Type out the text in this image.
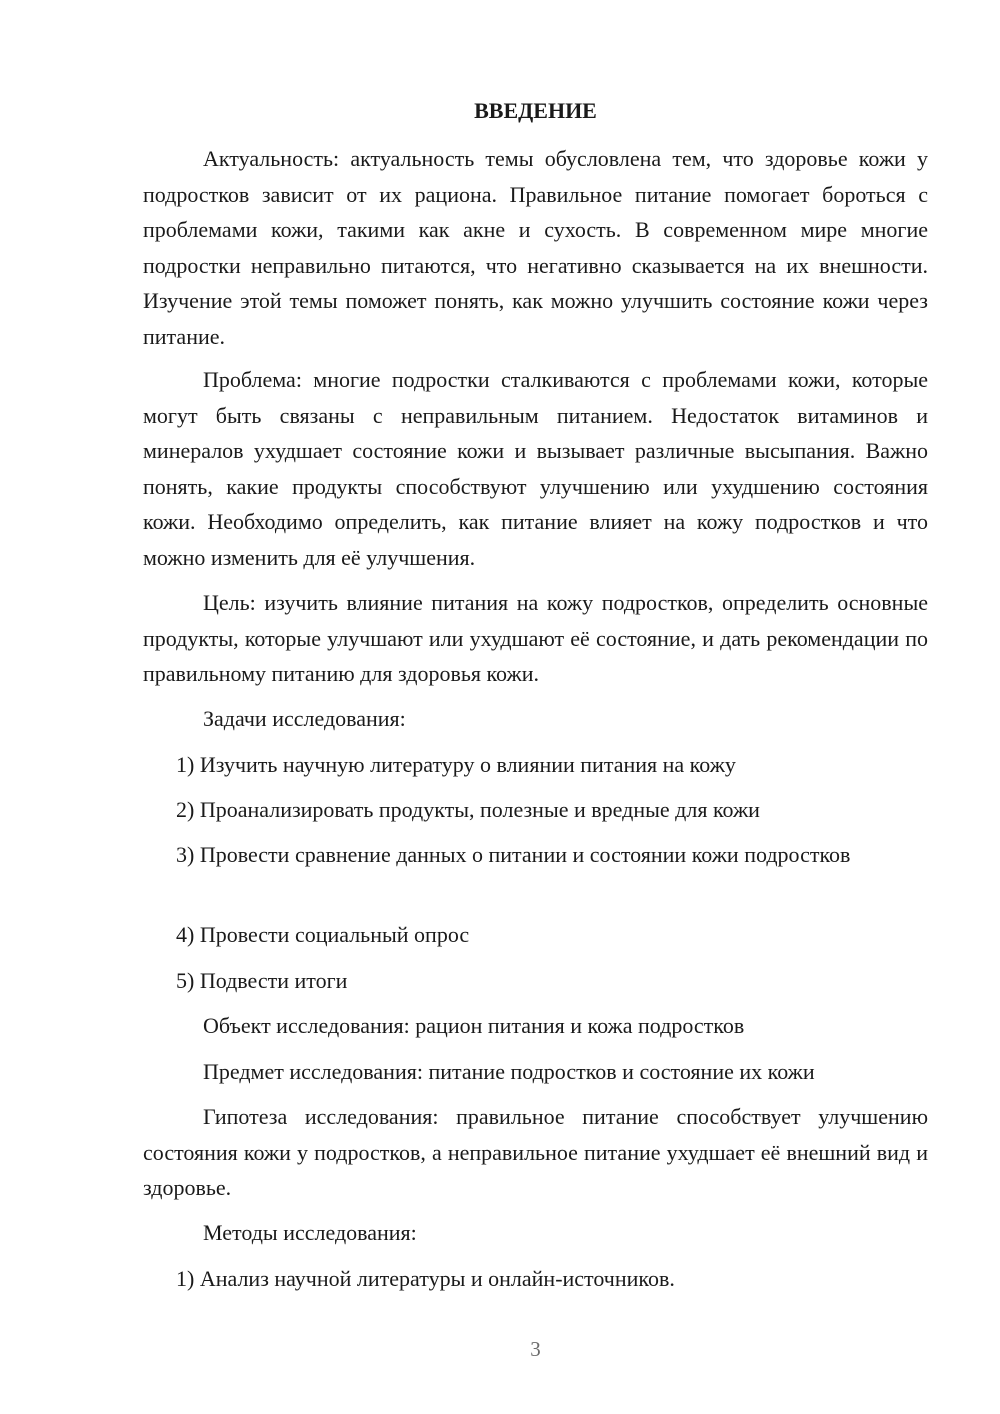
ВВЕДЕНИЕ

Актуальность: актуальность темы обусловлена тем, что здоровье кожи у подростков зависит от их рациона. Правильное питание помогает бороться с проблемами кожи, такими как акне и сухость. В современном мире многие подростки неправильно питаются, что негативно сказывается на их внешности. Изучение этой темы поможет понять, как можно улучшить состояние кожи через питание.

Проблема: многие подростки сталкиваются с проблемами кожи, которые могут быть связаны с неправильным питанием. Недостаток витаминов и минералов ухудшает состояние кожи и вызывает различные высыпания. Важно понять, какие продукты способствуют улучшению или ухудшению состояния кожи. Необходимо определить, как питание влияет на кожу подростков и что можно изменить для её улучшения.

Цель: изучить влияние питания на кожу подростков, определить основные продукты, которые улучшают или ухудшают её состояние, и дать рекомендации по правильному питанию для здоровья кожи.

Задачи исследования:

1) Изучить научную литературу о влиянии питания на кожу

2) Проанализировать продукты, полезные и вредные для кожи

3) Провести сравнение данных о питании и состоянии кожи подростков

4) Провести социальный опрос

5) Подвести итоги

Объект исследования: рацион питания и кожа подростков

Предмет исследования: питание подростков и состояние их кожи

Гипотеза исследования: правильное питание способствует улучшению состояния кожи у подростков, а неправильное питание ухудшает её внешний вид и здоровье.

Методы исследования:

1) Анализ научной литературы и онлайн-источников.

3
